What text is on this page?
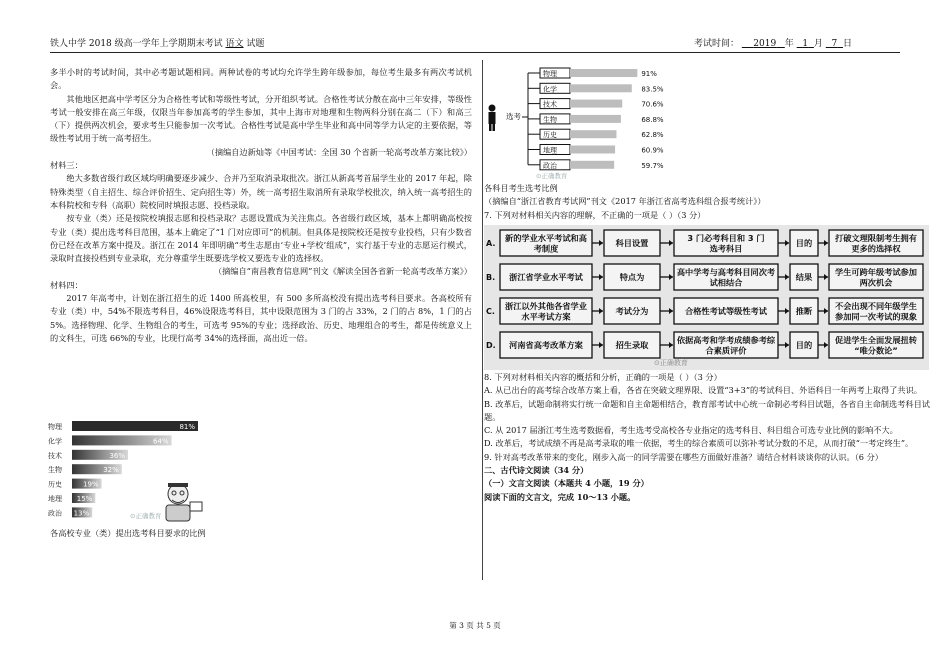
铁人中学 2018 级高一学年上学期期末考试 语文 试题	考试时间： 2019 年 1 月 7 日

多半小时的考试时间，其中必考题试题相同。两种试卷的考试均允许学生跨年级参加，每位考生最多有两次考试机会。

其他地区把高中学考区分为合格性考试和等级性考试，分开组织考试。合格性考试分散在高中三年安排，等级性考试一般安排在高三年级，仅限当年参加高考的学生参加，其中上海市对地理和生物两科分别在高二（下）和高三（下）提供两次机会，要求考生只能参加一次考试。合格性考试是高中学生毕业和高中同等学力认定的主要依据，等级性考试用于统一高考招生。

（摘编自边新灿等《中国考试：全国 30 个省新一轮高考改革方案比较》）

材料三：

绝大多数省级行政区域均明确要逐步减少、合并乃至取消录取批次。浙江从新高考首届学生业的 2017 年起，除特殊类型（自主招生、综合评价招生、定向招生等）外，统一高考招生取消所有录取学校批次，纳入统一高考招生的本科院校和专科（高职）院校同时填报志愿、投档录取。

按专业（类）还是按院校填报志愿和投档录取？志愿设置成为关注焦点。各省级行政区域，基本上都明确高校按专业（类）提出选考科目范围，基本上确定了“1 门对应即可”的机制。但具体是按院校还是按专业投档，只有少数省份已经在改革方案中提及。浙江在 2014 年即明确“考生志愿由‘专业+学校’组成”，实行基于专业的志愿运行模式，录取时直接投档到专业录取，充分尊重学生既要选学校又要选专业的选择权。

（摘编自“南昌教育信息网”刊文《解读全国各省新一轮高考改革方案》）

材料四：

2017 年高考中，计划在浙江招生的近 1400 所高校里，有 500 多所高校没有提出选考科目要求。各高校所有专业（类）中，54%不限选考科目，46%设限选考科目，其中设限范围为 3 门的占 33%，2 门的占 8%，1 门的占 5%。选择物理、化学、生物组合的考生，可选考 95%的专业；选择政治、历史、地理组合的考生，都是传统意义上的文科生，可选 66%的专业，比现行高考 34%的选择面，高出近一倍。

物理	81%
化学	64%
技术	36%
生物	32%
历史	19%
地理 15%
政治 13%	⊙正确教育
各高校专业（类）提出选考科目要求的比例
选考
物理	91%
化学	83.5%
技术	70.6%
生物	68.8%
历史	62.8%
地理	60.9%
政治	59.7%
⊙正确教育

各科目考生选考比例

（摘编自“浙江省教育考试网”刊文《2017 年浙江省高考选科组合报考统计》）

7. 下列对材料相关内容的理解，不正确的一项是（ ）（3 分）

A.
新的学业水平考试和高
考制度
科目设置	3 门必考科目和 3 门
选考科目
目的	打破文理限制考生拥有
更多的选择权
B. 浙江省学业水平考试	特点为	高中学考与高考科目同次考
试相结合
结果	学生可跨年级考试参加
两次机会
C.
浙江以外其他各省学业
水平考试方案
考试分为	合格性考试等级性考试	推断	不会出现不同年级学生
参加同一次考试的现象
D. 河南省高考改革方案	招生录取	依据高考和学考成绩参考综
合素质评价
目的	促进学生全面发展扭转
“唯分数论”
⊙正确教育

8. 下列对材料相关内容的概括和分析，正确的一项是（ ）（3 分）

A. 从已出台的高考综合改革方案上看，各省在突破文理界限、设置“3+3”的考试科目、外语科目一年两考上取得了共识。

B. 改革后，试题命制将实行统一命题和自主命题相结合，教育部考试中心统一命制必考科目试题，各省自主命制选考科目试题。

C. 从 2017 届浙江考生选考数据看，考生选考受高校各专业指定的选考科目、科目组合可选专业比例的影响不大。

D. 改革后，考试成绩不再是高考录取的唯一依据，考生的综合素质可以弥补考试分数的不足，从而打破“一考定终生”。

9. 针对高考改革带来的变化，刚步入高一的同学需要在哪些方面做好准备？请结合材料谈谈你的认识。（6 分）

二、古代诗文阅读（34 分）

（一）文言文阅读（本题共 4 小题，19 分）

阅读下面的文言文，完成 10～13 小题。

第 3 页 共 5 页
